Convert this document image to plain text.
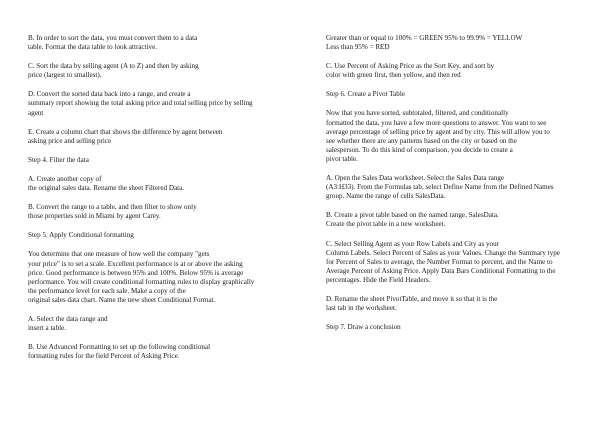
B. In order to sort the data, you must convert them to a data
table. Format the data table to look attractive.

C. Sort the data by selling agent (A to Z) and then by asking
price (largest to smallest).

D. Convert the sorted data back into a range, and create a
summary report showing the total asking price and total selling price by selling
agent

E. Create a column chart that shows the difference by agent between
asking price and selling price

Step 4. Filter the data

A. Create another copy of
the original sales data. Rename the sheet Filtered Data.

B. Convert the range to a table, and then filter to show only
those properties sold in Miami by agent Carey.

Step 5. Apply Conditional formatting

You determine that one measure of how well the company "gets
your price" is to set a scale. Excellent performance is at or above the asking
price. Good performance is between 95% and 100%. Below 95% is average
performance. You will create conditional formatting rules to display graphically
the performance level for each sale. Make a copy of the
original sales data chart. Name the new sheet Conditional Format.

A. Select the data range and
insert a table.

B. Use Advanced Formatting to set up the following conditional
formatting rules for the field Percent of Asking Price.

Greater than or equal to 100% = GREEN 95% to 99.9% = YELLOW
Less than 95% = RED

C. Use Percent of Asking Price as the Sort Key, and sort by
color with green first, then yellow, and then red

Step 6. Create a Pivot Table

Now that you have sorted, subtotaled, filtered, and conditionally
formatted the data, you have a few more questions to answer. You want to see
average percentage of selling price by agent and by city. This will allow you to
see whether there are any patterns based on the city or based on the
salesperson. To do this kind of comparison, you decide to create a
pivot table.

A. Open the Sales Data worksheet. Select the Sales Data range
(A3:H33). From the Formulas tab, select Define Name from the Defined Names
group. Name the range of cells SalesData.

B. Create a pivot table based on the named range, SalesData.
Create the pivot table in a new worksheet.

C. Select Selling Agent as your Row Labels and City as your
Column Labels. Select Percent of Sales as your Values. Change the Summary type
for Percent of Sales to average, the Number Format to percent, and the Name to
Average Percent of Asking Price. Apply Data Bars Conditional Formatting to the
percentages. Hide the Field Headers.

D. Rename the sheet PivotTable, and move it so that it is the
last tab in the worksheet.

Step 7. Draw a conclusion
